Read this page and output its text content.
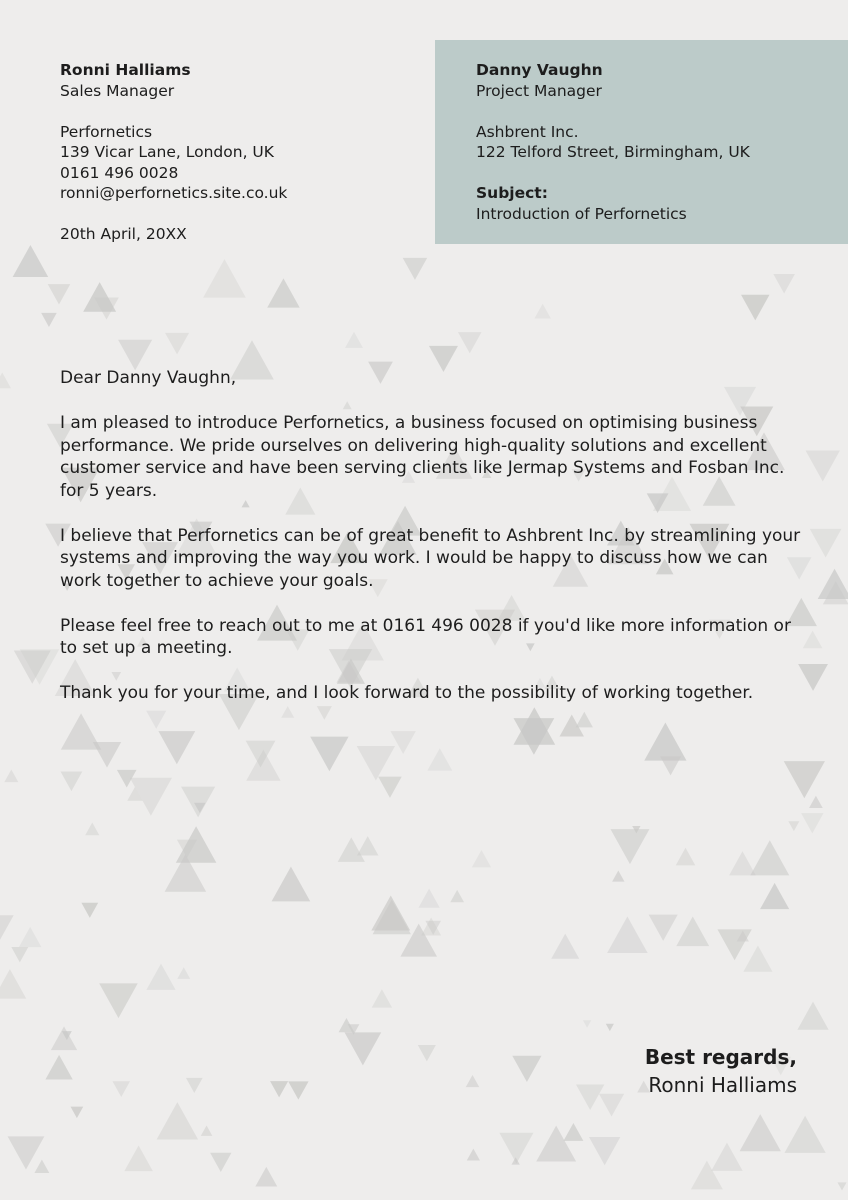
Ronni Halliams
Sales Manager
Perfornetics
139 Vicar Lane, London, UK
0161 496 0028
ronni@perfornetics.site.co.uk
20th April, 20XX
Danny Vaughn
Project Manager
Ashbrent Inc.
122 Telford Street, Birmingham, UK
Subject:
Introduction of Perfornetics

Dear Danny Vaughn,

I am pleased to introduce Perfornetics, a business focused on optimising business performance. We pride ourselves on delivering high-quality solutions and excellent customer service and have been serving clients like Jermap Systems and Fosban Inc. for 5 years.

I believe that Perfornetics can be of great benefit to Ashbrent Inc. by streamlining your systems and improving the way you work. I would be happy to discuss how we can work together to achieve your goals.

Please feel free to reach out to me at 0161 496 0028 if you'd like more information or to set up a meeting.

Thank you for your time, and I look forward to the possibility of working together.

Best regards,
Ronni Halliams
